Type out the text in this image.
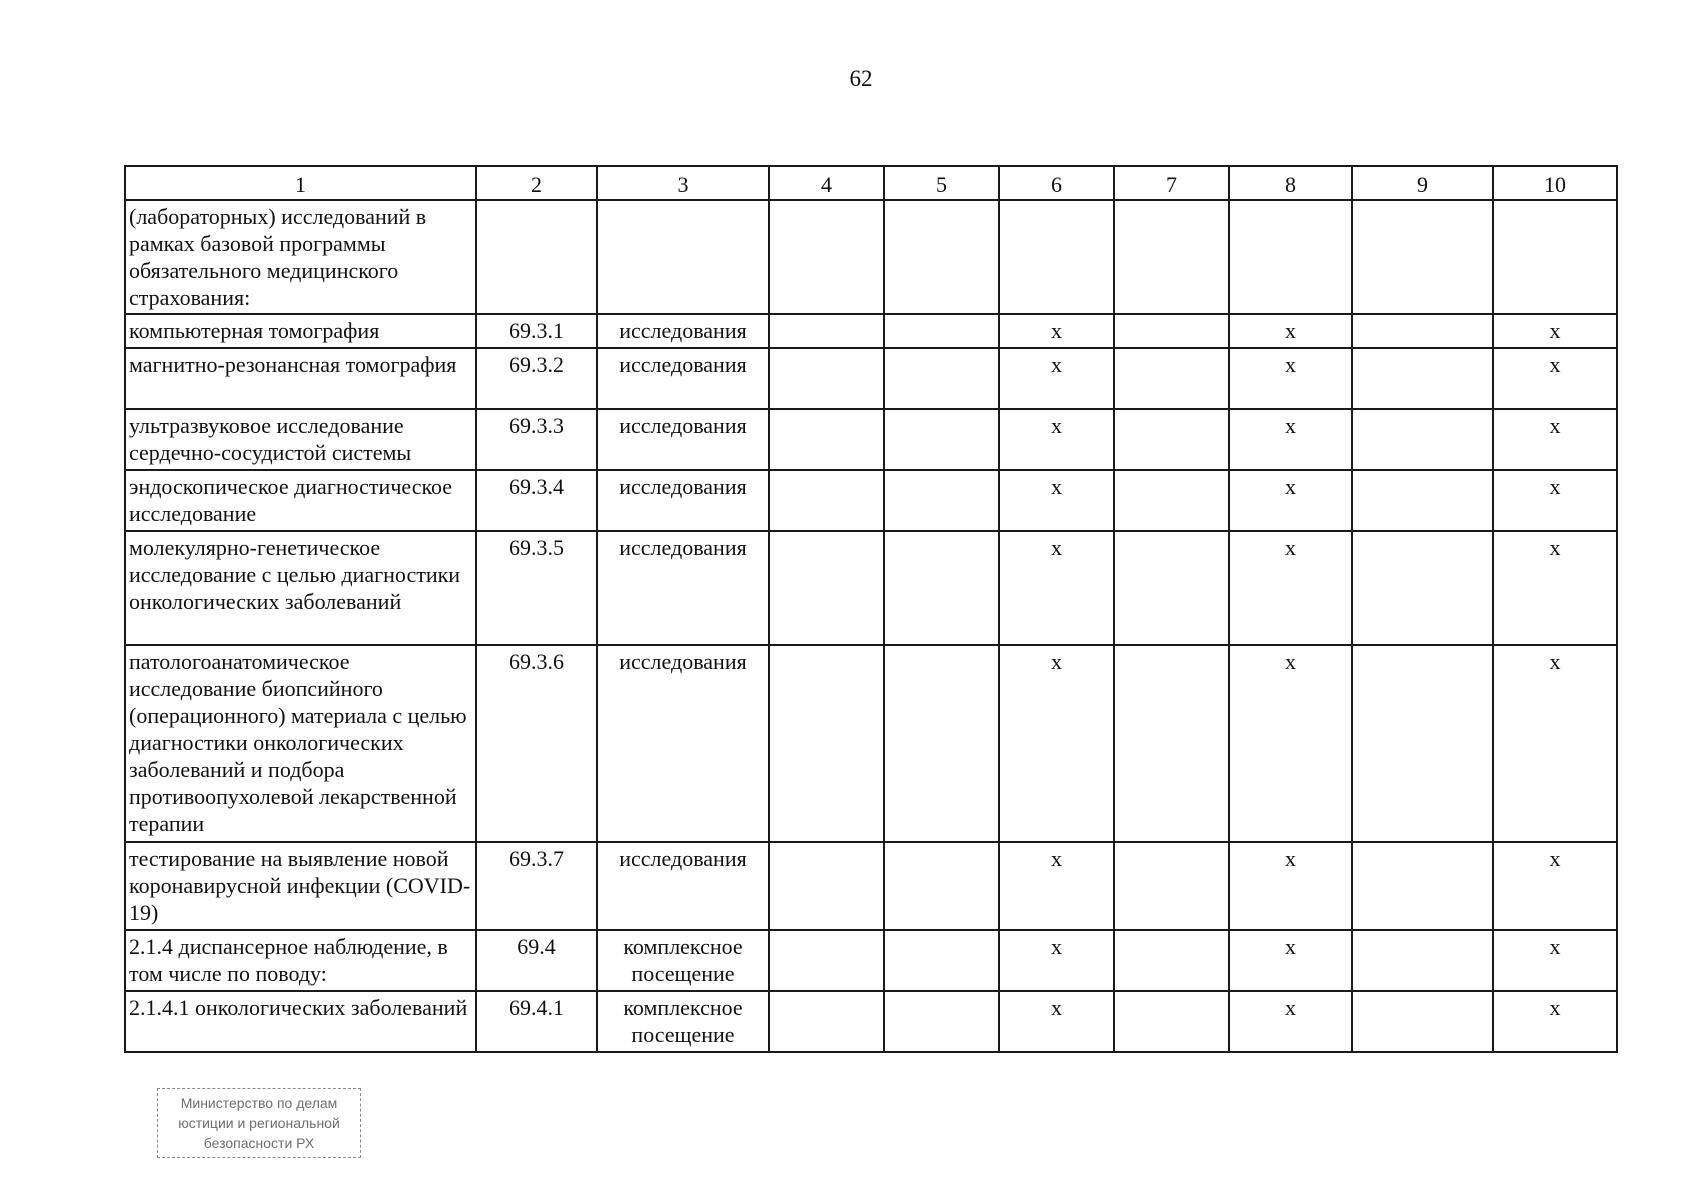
62
1	2	3	4	5	6	7	8	9	10
(лабораторных) исследований в рамках базовой программы обязательного медицинского страхования:									
компьютерная томография	69.3.1	исследования			х		х		х
магнитно-резонансная томография	69.3.2	исследования			х		х		х
ультразвуковое исследование сердечно-сосудистой системы	69.3.3	исследования			х		х		х
эндоскопическое диагностическое исследование	69.3.4	исследования			х		х		х
молекулярно-генетическое исследование с целью диагностики онкологических заболеваний	69.3.5	исследования			х		х		х
патологоанатомическое исследование биопсийного (операционного) материала с целью диагностики онкологических заболеваний и подбора противоопухолевой лекарственной терапии	69.3.6	исследования			х		х		х
тестирование на выявление новой коронавирусной инфекции (COVID-19)	69.3.7	исследования			х		х		х
2.1.4 диспансерное наблюдение, в том числе по поводу:	69.4	комплексное посещение			х		х		х
2.1.4.1 онкологических заболеваний	69.4.1	комплексное посещение			х		х		х
Министерство по делам
юстиции и региональной
безопасности РХ
